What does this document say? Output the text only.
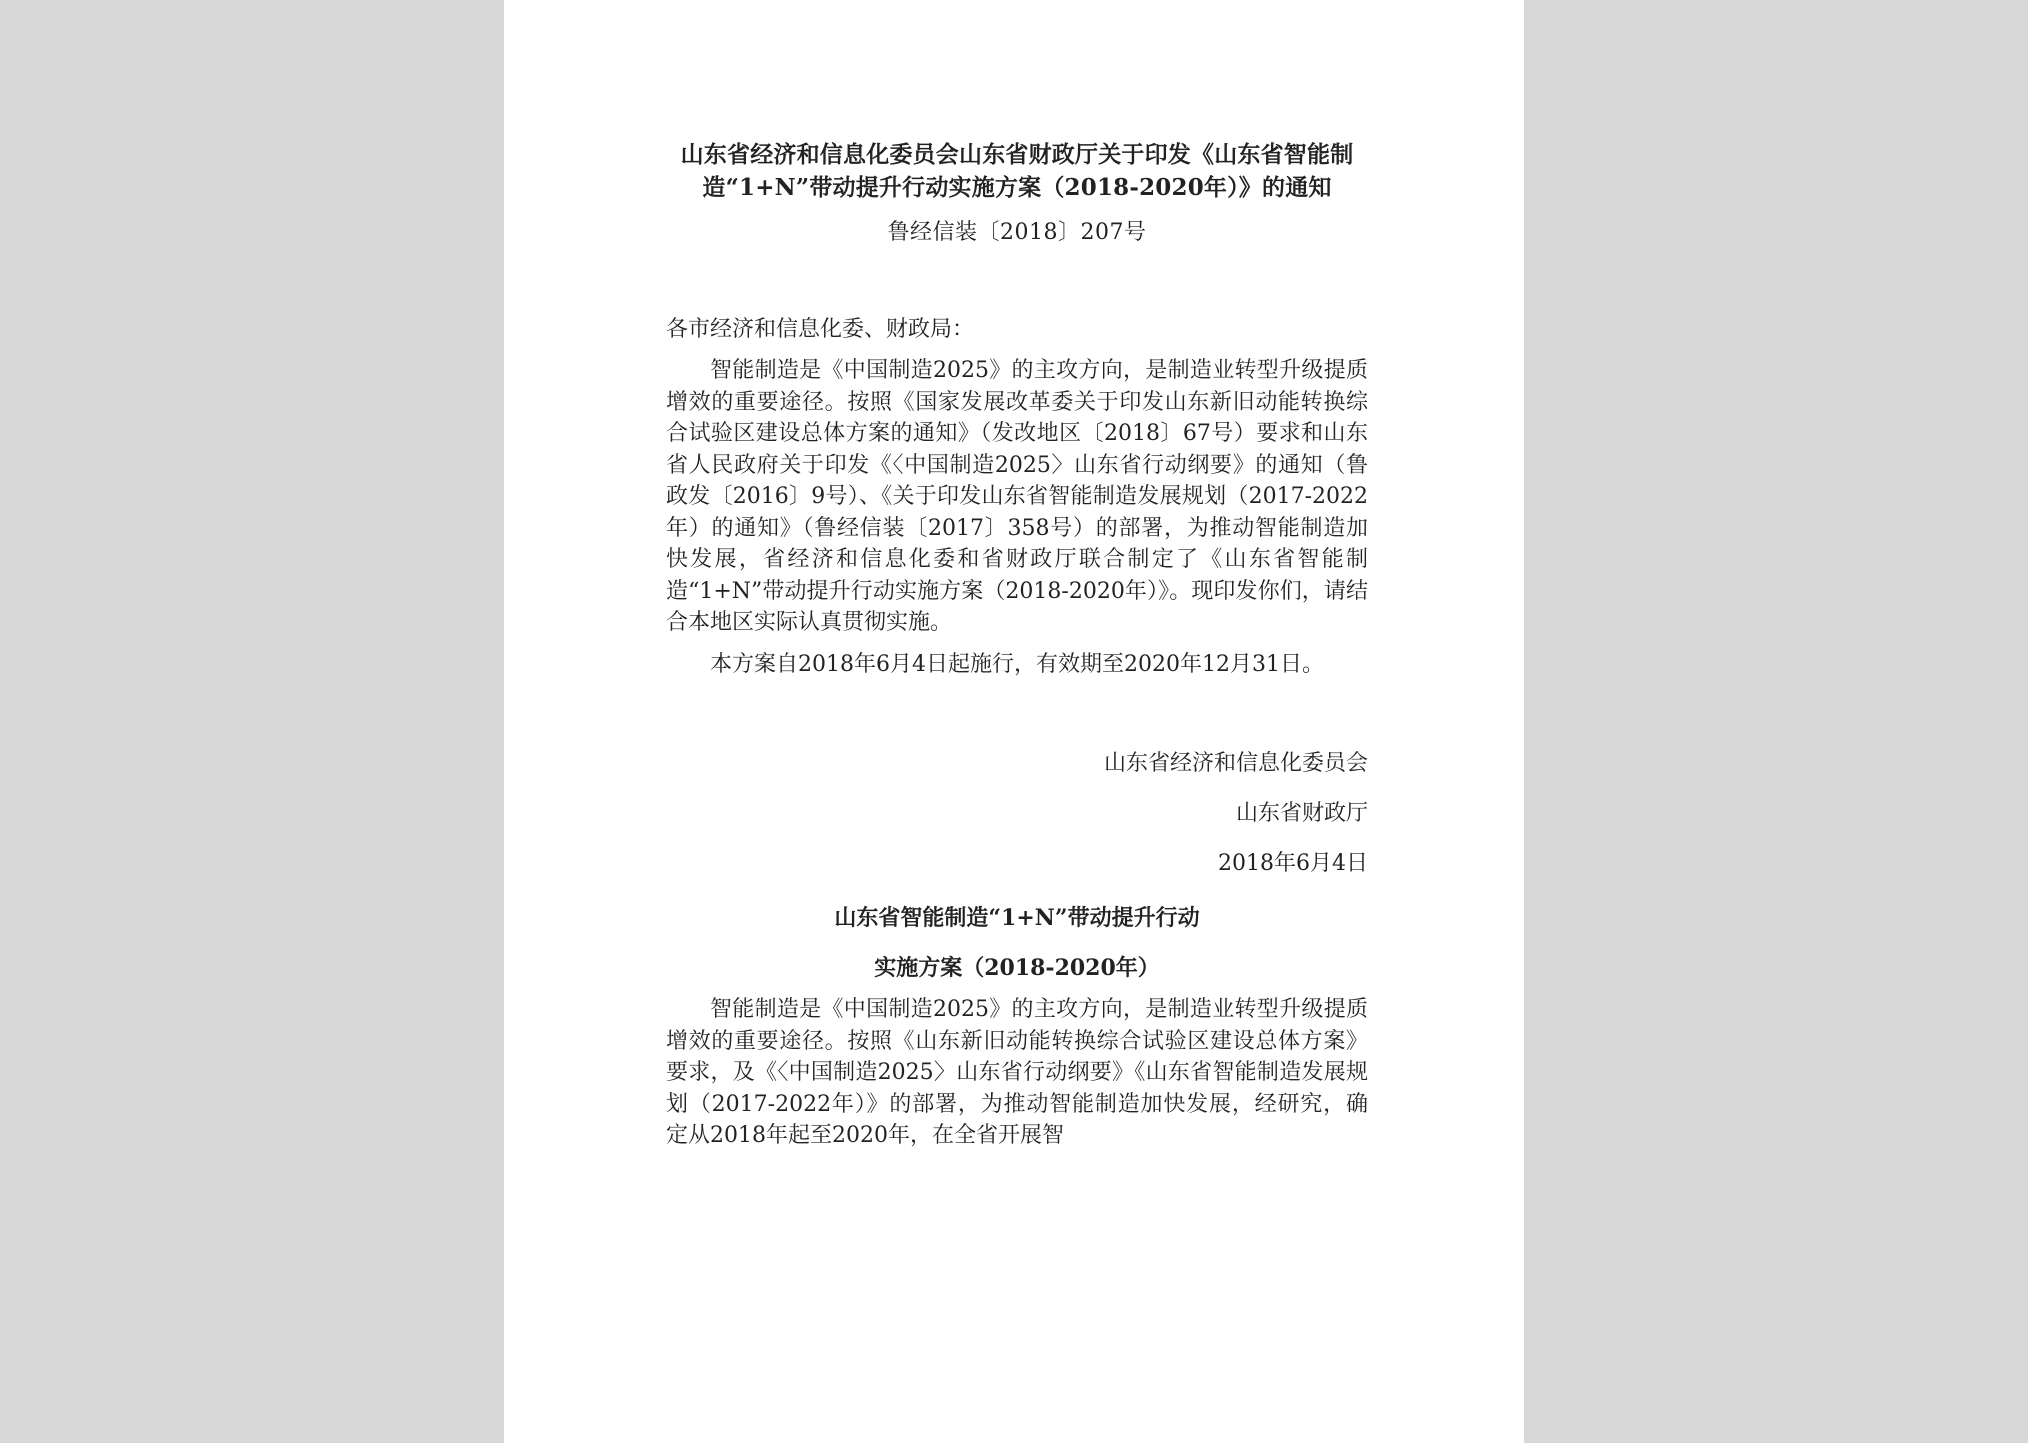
山东省经济和信息化委员会山东省财政厅关于印发《山东省智能制造“1+N”带动提升行动实施方案（2018-2020年）》的通知
鲁经信装〔2018〕207号
各市经济和信息化委、财政局：

智能制造是《中国制造2025》的主攻方向，是制造业转型升级提质增效的重要途径。按照《国家发展改革委关于印发山东新旧动能转换综合试验区建设总体方案的通知》（发改地区〔2018〕67号）要求和山东省人民政府关于印发《〈中国制造2025〉山东省行动纲要》的通知（鲁政发〔2016〕9号）、《关于印发山东省智能制造发展规划（2017-2022年）的通知》（鲁经信装〔2017〕358号）的部署，为推动智能制造加快发展，省经济和信息化委和省财政厅联合制定了《山东省智能制造“1+N”带动提升行动实施方案（2018-2020年）》。现印发你们，请结合本地区实际认真贯彻实施。

本方案自2018年6月4日起施行，有效期至2020年12月31日。

山东省经济和信息化委员会
山东省财政厅
2018年6月4日
山东省智能制造“1+N”带动提升行动
实施方案（2018-2020年）

智能制造是《中国制造2025》的主攻方向，是制造业转型升级提质增效的重要途径。按照《山东新旧动能转换综合试验区建设总体方案》要求，及《〈中国制造2025〉山东省行动纲要》《山东省智能制造发展规划（2017-2022年）》的部署，为推动智能制造加快发展，经研究，确定从2018年起至2020年，在全省开展智
